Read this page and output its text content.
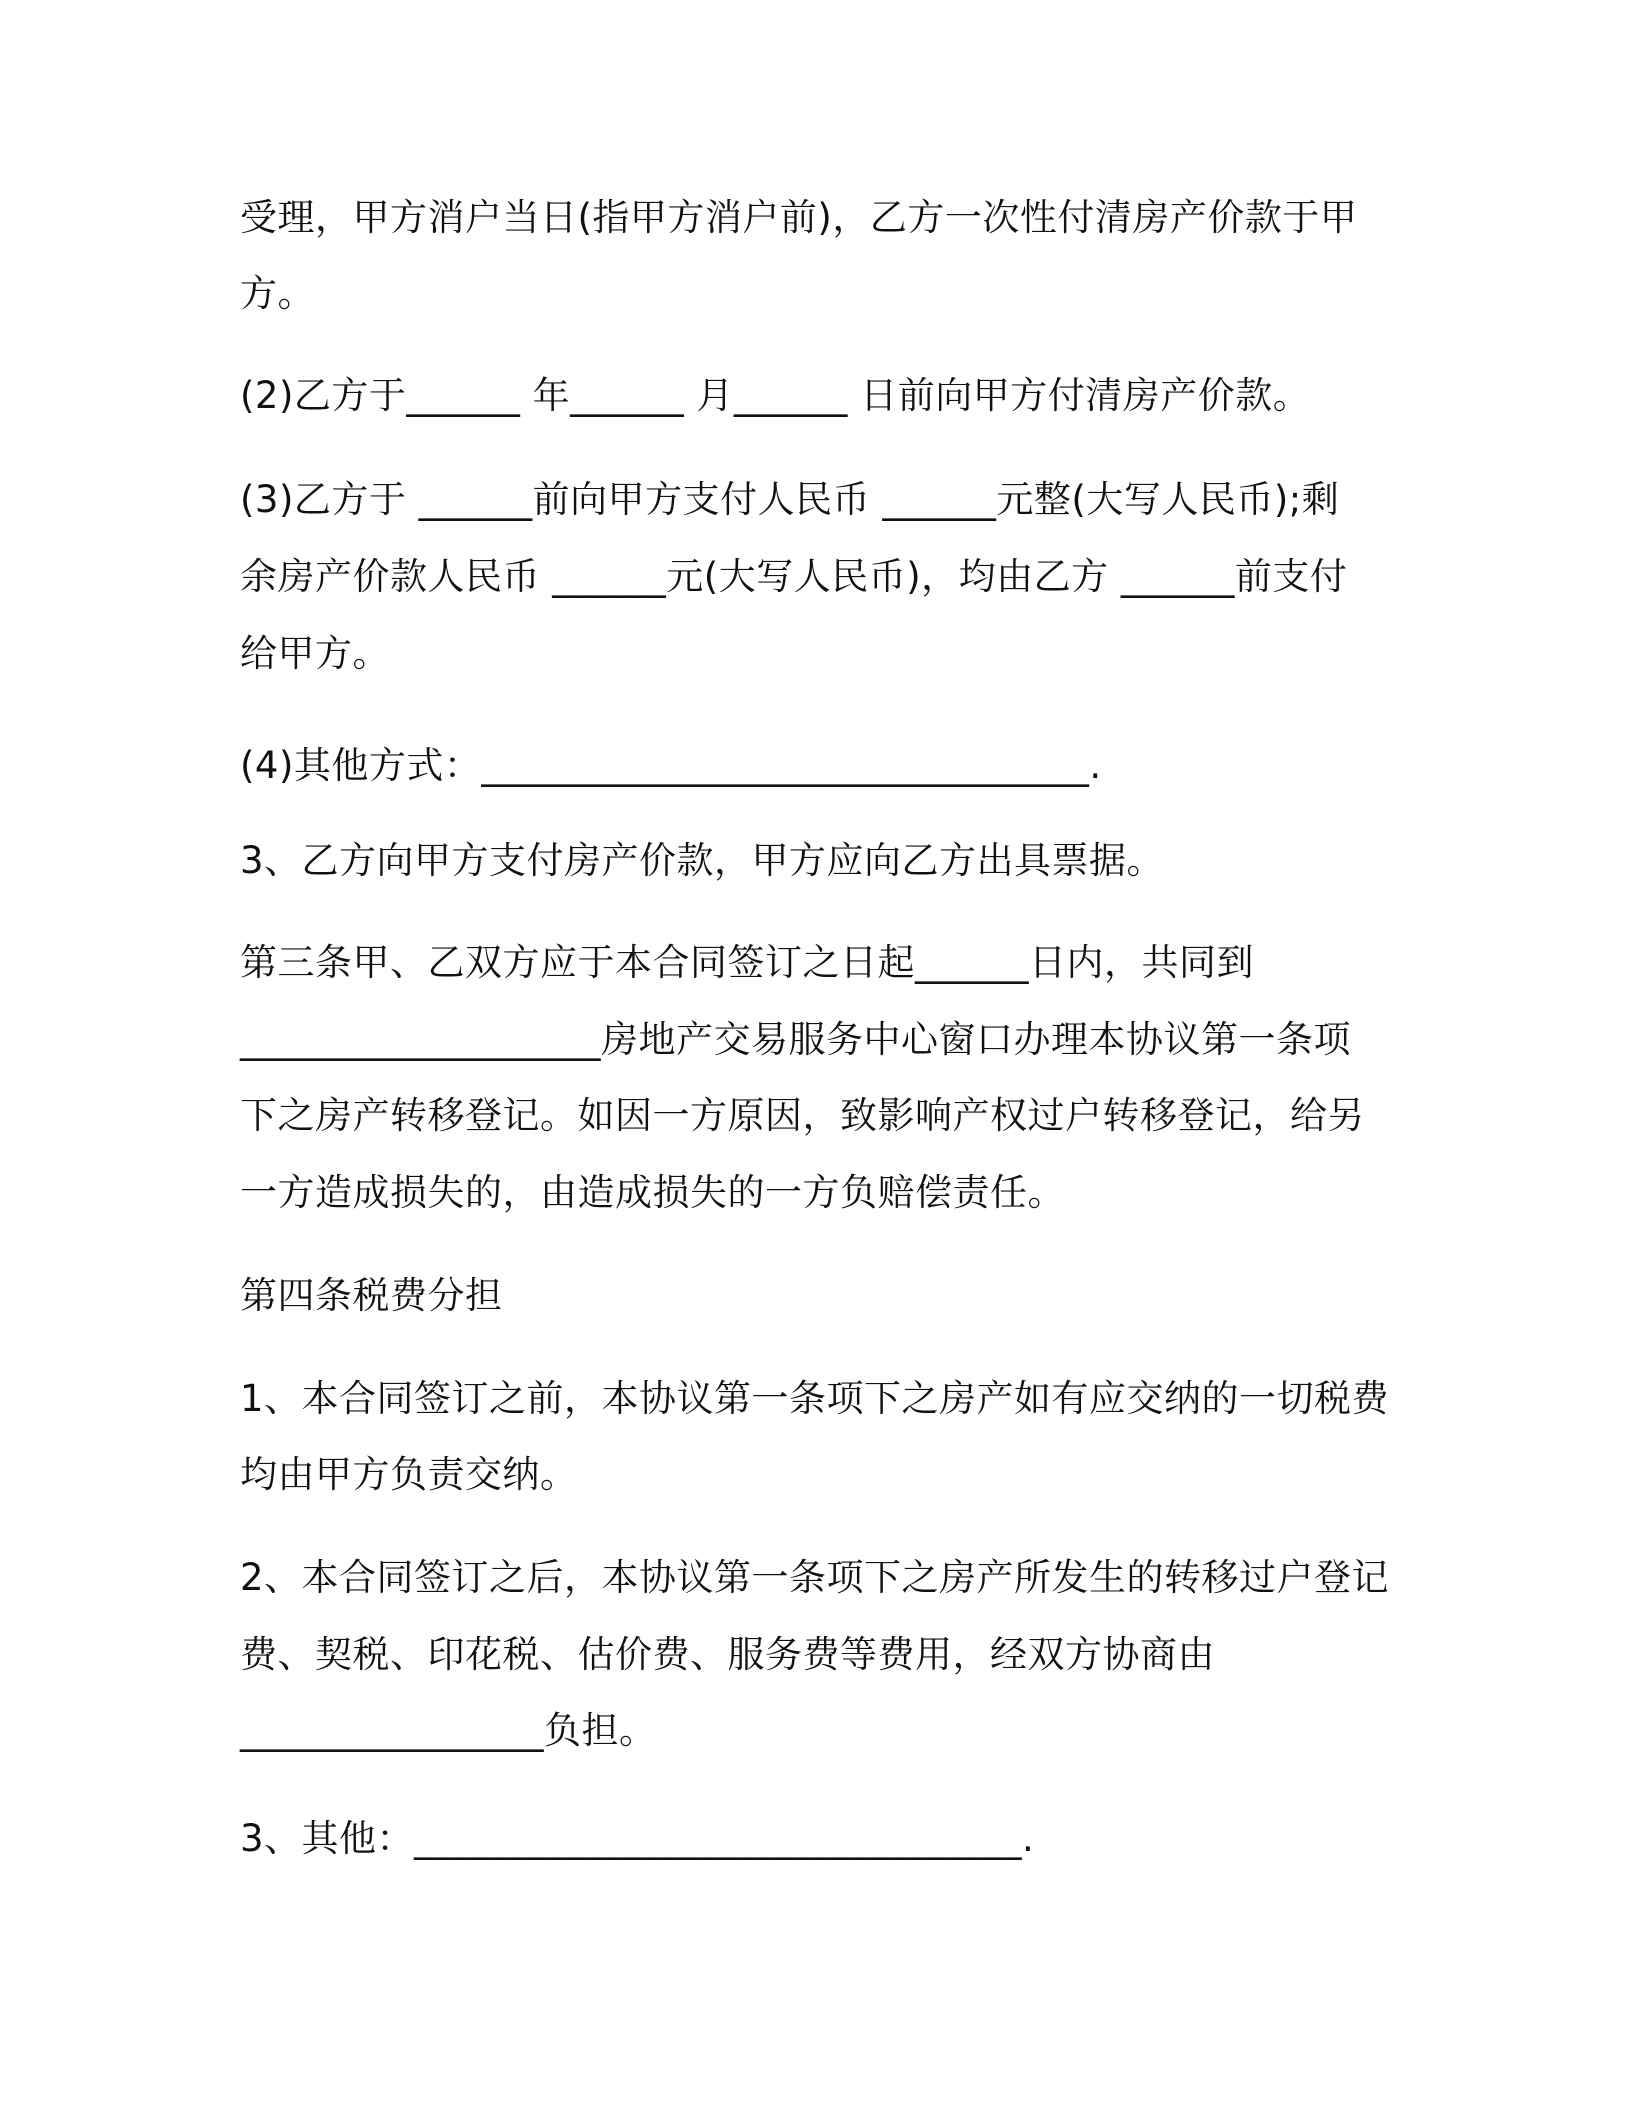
受理，甲方消户当日(指甲方消户前)，乙方一次性付清房产价款于甲

方。

(2)乙方于______ 年______ 月______ 日前向甲方付清房产价款。

(3)乙方于 ______前向甲方支付人民币 ______元整(大写人民币);剩

余房产价款人民币 ______元(大写人民币)，均由乙方 ______前支付

给甲方。

(4)其他方式：________________________________.

3、乙方向甲方支付房产价款，甲方应向乙方出具票据。

第三条甲、乙双方应于本合同签订之日起______日内，共同到

___________________房地产交易服务中心窗口办理本协议第一条项

下之房产转移登记。如因一方原因，致影响产权过户转移登记，给另

一方造成损失的，由造成损失的一方负赔偿责任。

第四条税费分担

1、本合同签订之前，本协议第一条项下之房产如有应交纳的一切税费

均由甲方负责交纳。

2、本合同签订之后，本协议第一条项下之房产所发生的转移过户登记

费、契税、印花税、估价费、服务费等费用，经双方协商由

________________负担。

3、其他：________________________________.
